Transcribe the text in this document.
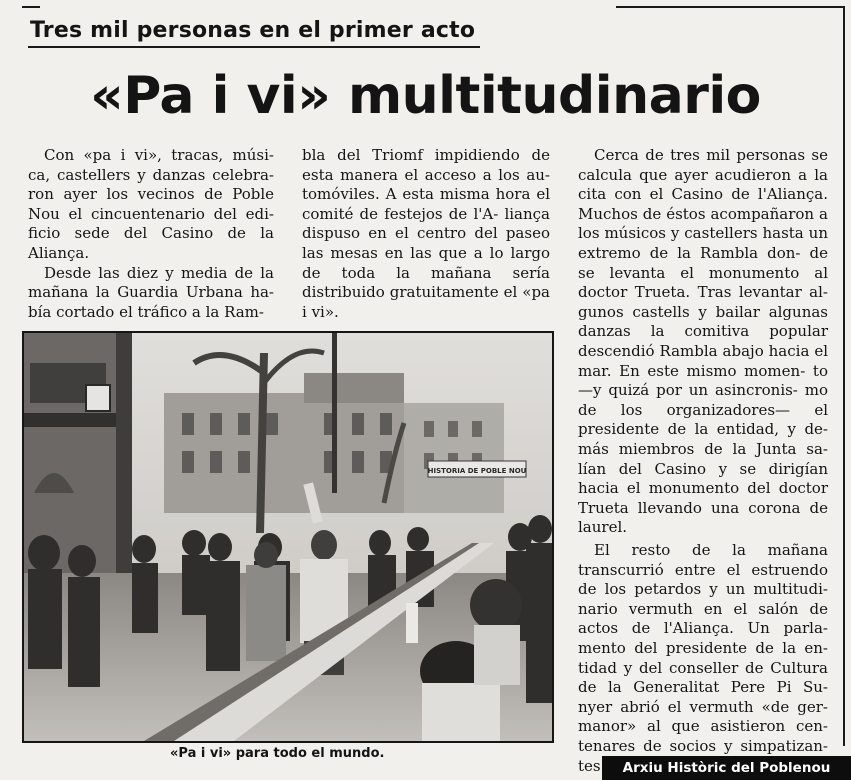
Tres mil personas en el primer acto
«Pa i vi» multitudinario

Con «pa i vi», tracas, músi- ca, castellers y danzas celebra- ron ayer los vecinos de Poble Nou el cincuentenario del edi- ficio sede del Casino de la Aliança.

Desde las diez y media de la mañana la Guardia Urbana ha- bía cortado el tráfico a la Ram-

bla del Triomf impidiendo de esta manera el acceso a los au- tomóviles. A esta misma hora el comité de festejos de l'A- liança dispuso en el centro del paseo las mesas en las que a lo largo de toda la mañana sería distribuido gratuitamente el «pa i vi».

Cerca de tres mil personas se calcula que ayer acudieron a la cita con el Casino de l'Aliança. Muchos de éstos acompañaron a los músicos y castellers hasta un extremo de la Rambla don- de se levanta el monumento al doctor Trueta. Tras levantar al- gunos castells y bailar algunas danzas la comitiva popular descendió Rambla abajo hacia el mar. En este mismo momen- to —y quizá por un asincronis- mo de los organizadores— el presidente de la entidad, y de- más miembros de la Junta sa- lían del Casino y se dirigían hacia el monumento del doctor Trueta llevando una corona de laurel.

El resto de la mañana transcurrió entre el estruendo de los petardos y un multitudi- nario vermuth en el salón de actos de l'Aliança. Un parla- mento del presidente de la en- tidad y del conseller de Cultura de la Generalitat Pere Pi Su- nyer abrió el vermuth «de ger- manor» al que asistieron cen- tenares de socios y simpatizan- tes

HISTORIA DE POBLE NOU
«Pa i vi» para todo el mundo.
Arxiu Històric del Poblenou
